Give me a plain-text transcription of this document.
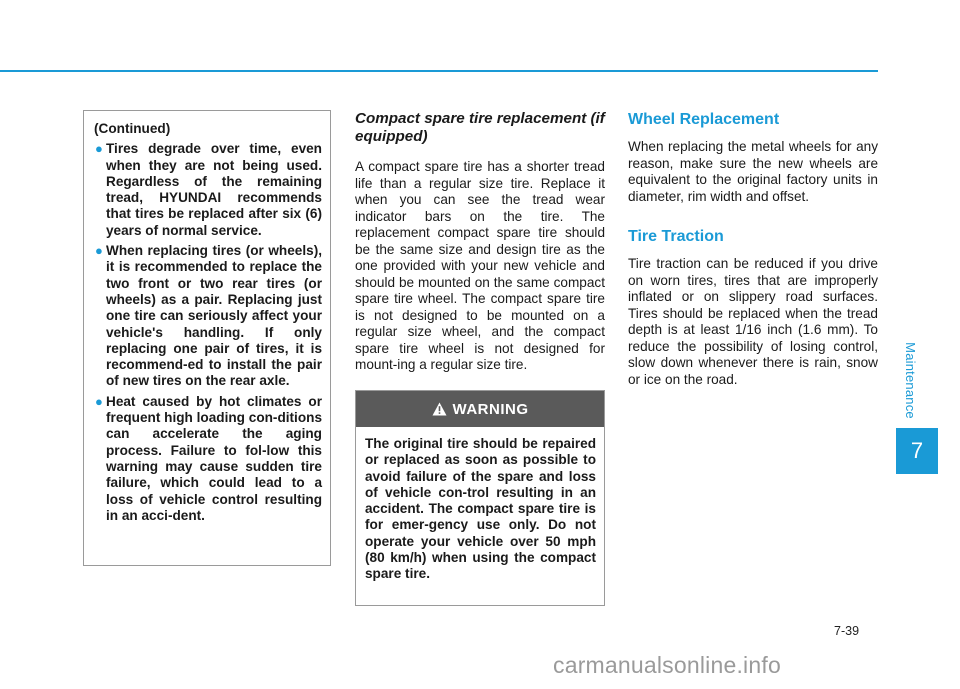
Maintenance
7
(Continued)
● Tires degrade over time, even when they are not being used. Regardless of the remaining tread, HYUNDAI recommends that tires be replaced after six (6) years of normal service.
● When replacing tires (or wheels), it is recommended to replace the two front or two rear tires (or wheels) as a pair. Replacing just one tire can seriously affect your vehicle's handling. If only replacing one pair of tires, it is recommend-ed to install the pair of new tires on the rear axle.
● Heat caused by hot climates or frequent high loading con-ditions can accelerate the aging process. Failure to fol-low this warning may cause sudden tire failure, which could lead to a loss of vehicle control resulting in an acci-dent.
Compact spare tire replacement (if equipped)

A compact spare tire has a shorter tread life than a regular size tire. Replace it when you can see the tread wear indicator bars on the tire. The replacement compact spare tire should be the same size and design tire as the one provided with your new vehicle and should be mounted on the same compact spare tire wheel. The compact spare tire is not designed to be mounted on a regular size wheel, and the compact spare tire wheel is not designed for mount-ing a regular size tire.

WARNING
The original tire should be repaired or replaced as soon as possible to avoid failure of the spare and loss of vehicle con-trol resulting in an accident. The compact spare tire is for emer-gency use only. Do not operate your vehicle over 50 mph (80 km/h) when using the compact spare tire.
Wheel Replacement

When replacing the metal wheels for any reason, make sure the new wheels are equivalent to the original factory units in diameter, rim width and offset.

Tire Traction

Tire traction can be reduced if you drive on worn tires, tires that are improperly inflated or on slippery road surfaces. Tires should be replaced when the tread depth is at least 1/16 inch (1.6 mm). To reduce the possibility of losing control, slow down whenever there is rain, snow or ice on the road.

7-39
carmanualsonline.info
